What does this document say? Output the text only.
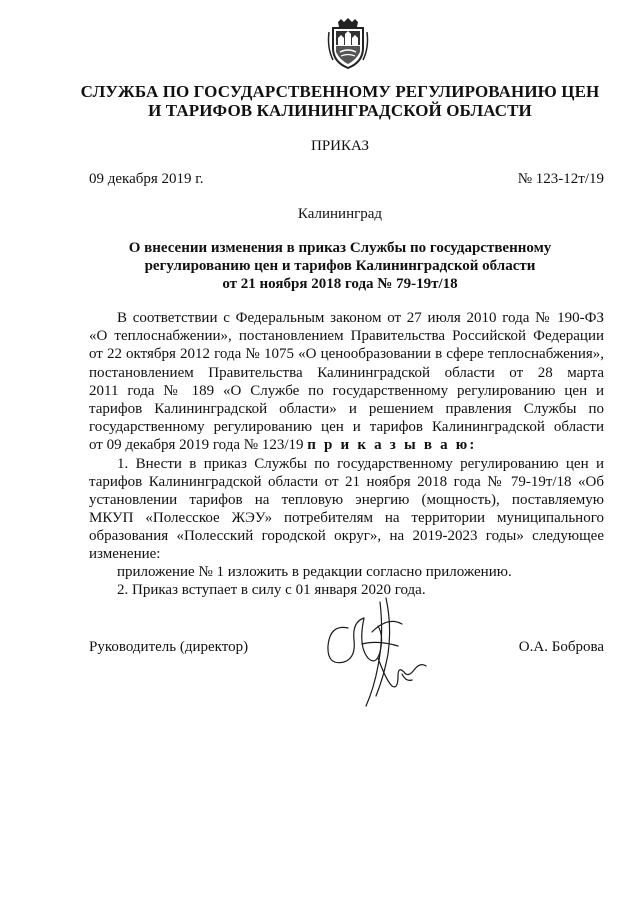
СЛУЖБА ПО ГОСУДАРСТВЕННОМУ РЕГУЛИРОВАНИЮ ЦЕН
И ТАРИФОВ КАЛИНИНГРАДСКОЙ ОБЛАСТИ
ПРИКАЗ
09 декабря 2019 г.	№ 123-12т/19
Калининград
О внесении изменения в приказ Службы по государственному
регулированию цен и тарифов Калининградской области
от 21 ноября 2018 года № 79-19т/18
В соответствии с Федеральным законом от 27 июля 2010 года № 190-ФЗ
«О теплоснабжении», постановлением Правительства Российской Федерации
от 22 октября 2012 года № 1075 «О ценообразовании в сфере теплоснабжения»,
постановлением Правительства Калининградской области от 28 марта
2011 года № 189 «О Службе по государственному регулированию цен и
тарифов Калининградской области» и решением правления Службы по
государственному регулированию цен и тарифов Калининградской области
от 09 декабря 2019 года № 123/19 п р и к а з ы в а ю:
1. Внести в приказ Службы по государственному регулированию цен и
тарифов Калининградской области от 21 ноября 2018 года № 79-19т/18 «Об
установлении тарифов на тепловую энергию (мощность), поставляемую
МКУП «Полесское ЖЭУ» потребителям на территории муниципального
образования «Полесский городской округ», на 2019-2023 годы» следующее
изменение:
приложение № 1 изложить в редакции согласно приложению.
2. Приказ вступает в силу с 01 января 2020 года.
Руководитель (директор)	О.А. Боброва
